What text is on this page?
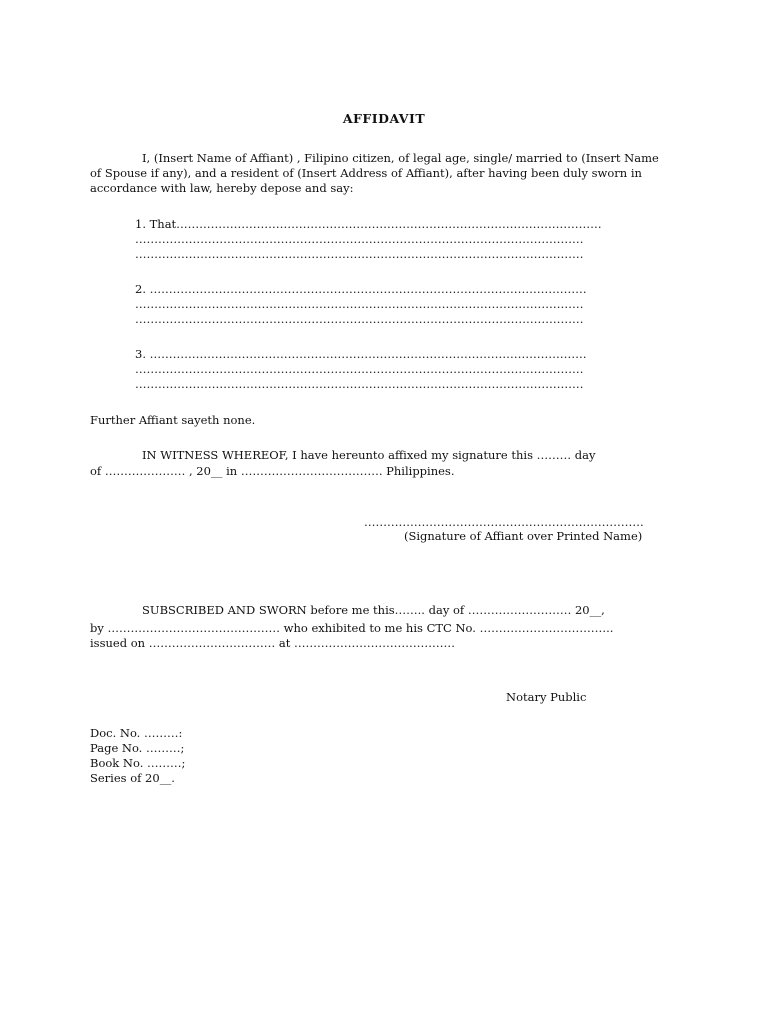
AFFIDAVIT
I, (Insert Name of Affiant) , Filipino citizen, of legal age, single/ married to (Insert Name
of Spouse if any), and a resident of (Insert Address of Affiant), after having been duly sworn in
accordance with law, hereby depose and say:
1. That…………………………………………………………………………………………………
………………………………………………………………………………………………………
………………………………………………………………………………………………………
2. ……………………………………………………………………………………………………
………………………………………………………………………………………………………
………………………………………………………………………………………………………
3. ……………………………………………………………………………………………………
………………………………………………………………………………………………………
………………………………………………………………………………………………………
Further Affiant sayeth none.
IN WITNESS WHEREOF, I have hereunto affixed my signature this ……… day
of ………………… , 20__ in ………………………………. Philippines.
……………………………………………………………….
(Signature of Affiant over Printed Name)
SUBSCRIBED AND SWORN before me this…….. day of ……………………… 20__,
by ……………………………………… who exhibited to me his CTC No. ……………………………..
issued on …………………………… at ……………………………………
Notary Public
Doc. No. ………:
Page No. ………;
Book No. ………;
Series of 20__.
